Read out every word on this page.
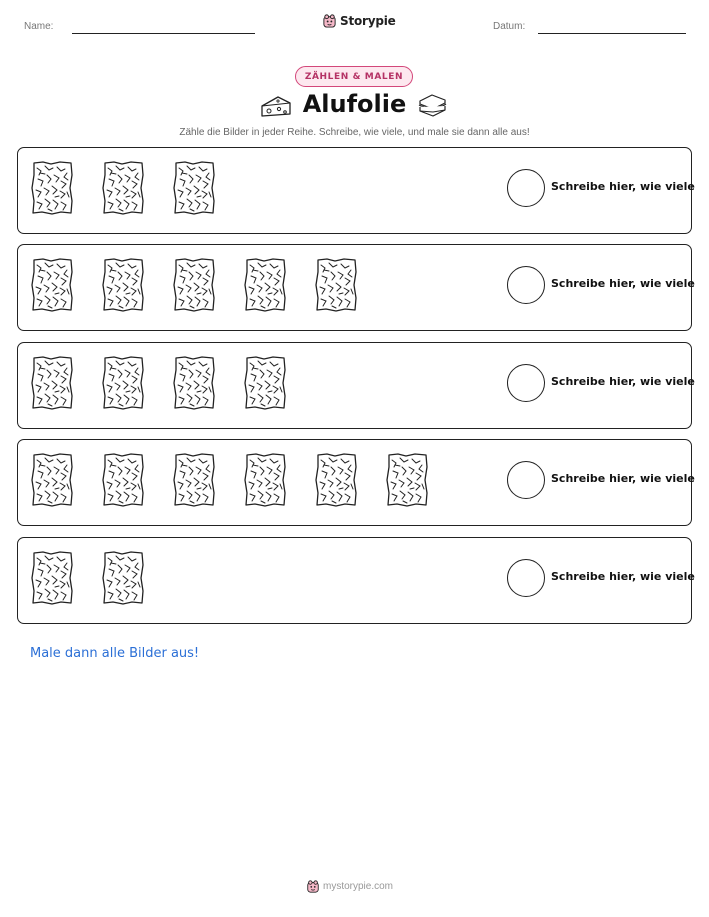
Name:	Storypie	Datum:
ZÄHLEN & MALEN
Alufolie
Zähle die Bilder in jeder Reihe. Schreibe, wie viele, und male sie dann alle aus!
Schreibe hier, wie viele
Schreibe hier, wie viele
Schreibe hier, wie viele
Schreibe hier, wie viele
Schreibe hier, wie viele
Male dann alle Bilder aus!
mystorypie.com
